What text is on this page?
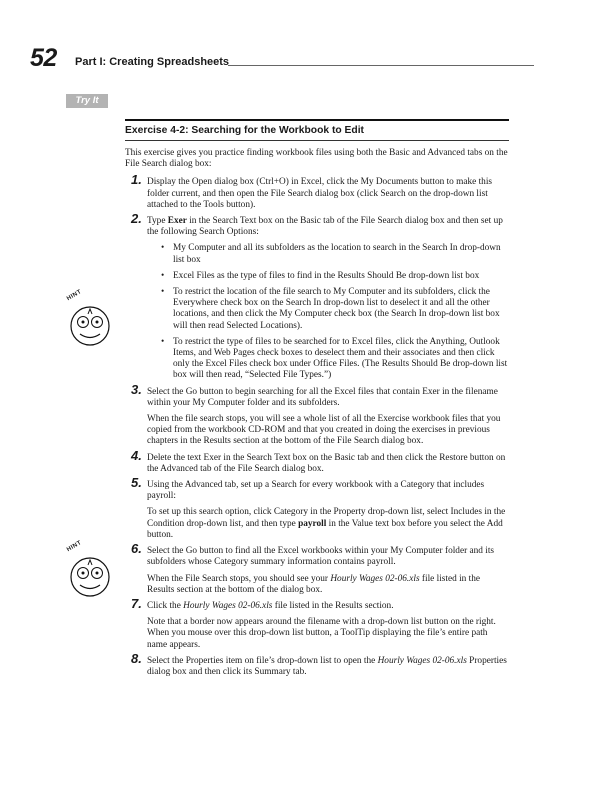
52 Part I: Creating Spreadsheets
Try It
HINT
HINT
Exercise 4-2: Searching for the Workbook to Edit

This exercise gives you practice finding workbook files using both the Basic and Advanced tabs on the File Search dialog box:

1. Display the Open dialog box (Ctrl+O) in Excel, click the My Documents button to make this folder current, and then open the File Search dialog box (click Search on the drop-down list attached to the Tools button).

2. Type Exer in the Search Text box on the Basic tab of the File Search dialog box and then set up the following Search Options:

• My Computer and all its subfolders as the location to search in the Search In drop-down list box
• Excel Files as the type of files to find in the Results Should Be drop-down list box
• To restrict the location of the file search to My Computer and its subfolders, click the Everywhere check box on the Search In drop-down list to deselect it and all the other locations, and then click the My Computer check box (the Search In drop-down list box will then read Selected Locations).
• To restrict the type of files to be searched for to Excel files, click the Anything, Outlook Items, and Web Pages check boxes to deselect them and their associates and then click only the Excel Files check box under Office Files. (The Results Should Be drop-down list box will then read, “Selected File Types.”)
3. Select the Go button to begin searching for all the Excel files that contain Exer in the filename within your My Computer folder and its subfolders.

When the file search stops, you will see a whole list of all the Exercise workbook files that you copied from the workbook CD-ROM and that you created in doing the exercises in previous chapters in the Results section at the bottom of the File Search dialog box.

4. Delete the text Exer in the Search Text box on the Basic tab and then click the Restore button on the Advanced tab of the File Search dialog box.

5. Using the Advanced tab, set up a Search for every workbook with a Category that includes payroll:

To set up this search option, click Category in the Property drop-down list, select Includes in the Condition drop-down list, and then type payroll in the Value text box before you select the Add button.

6. Select the Go button to find all the Excel workbooks within your My Computer folder and its subfolders whose Category summary information contains payroll.

When the File Search stops, you should see your Hourly Wages 02-06.xls file listed in the Results section at the bottom of the dialog box.

7. Click the Hourly Wages 02-06.xls file listed in the Results section.

Note that a border now appears around the filename with a drop-down list button on the right. When you mouse over this drop-down list button, a ToolTip displaying the file’s entire path name appears.

8. Select the Properties item on file’s drop-down list to open the Hourly Wages 02-06.xls Properties dialog box and then click its Summary tab.
